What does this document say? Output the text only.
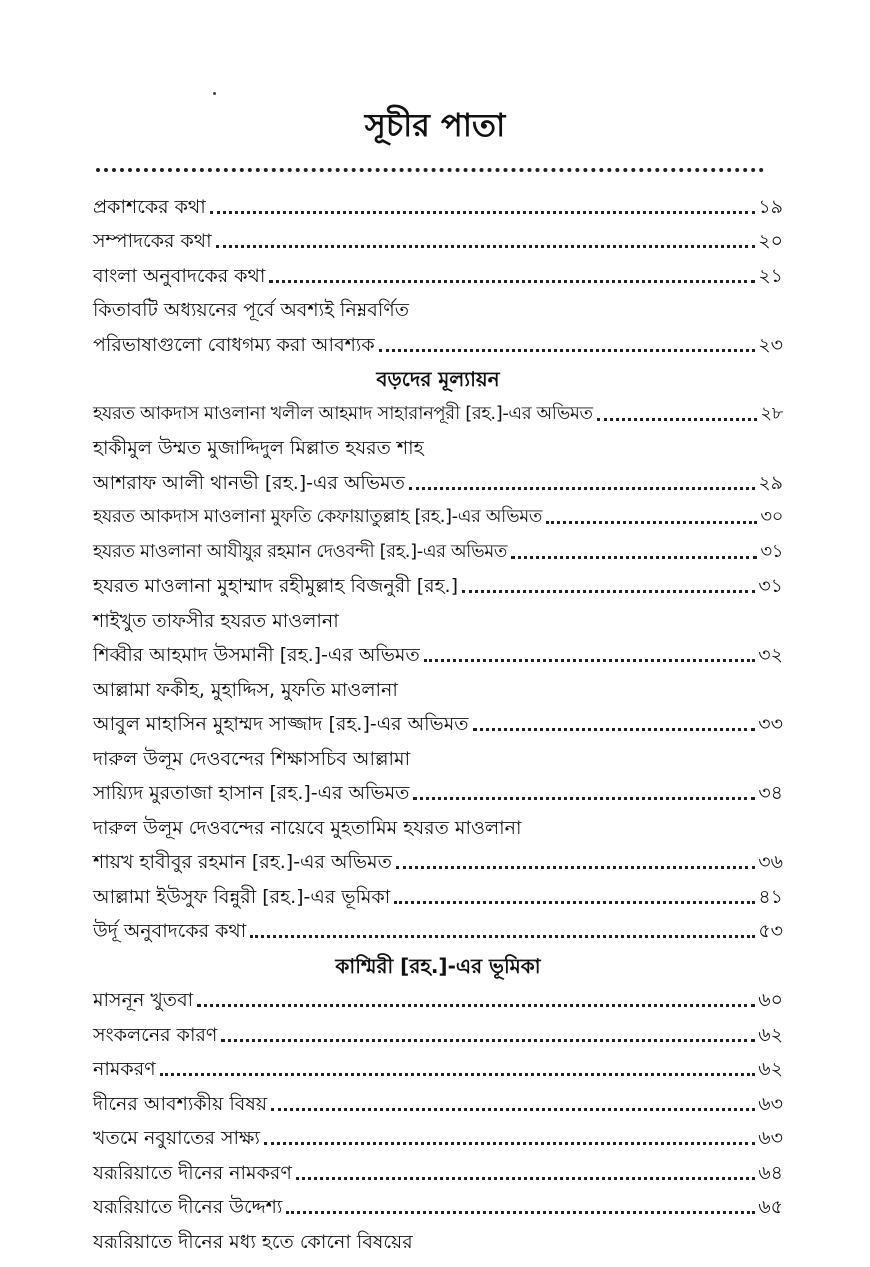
সূচীর পাতা
প্রকাশকের কথা	১৯
সম্পাদকের কথা	২০
বাংলা অনুবাদকের কথা	২১
কিতাবটি অধ্যয়নের পূর্বে অবশ্যই নিম্নবর্ণিত
পরিভাষাগুলো বোধগম্য করা আবশ্যক	২৩
বড়দের মূল্যায়ন
হযরত আকদাস মাওলানা খলীল আহমাদ সাহারানপূরী [রহ.]-এর অভিমত	২৮
হাকীমুল উম্মত মুজাদ্দিদুল মিল্লাত হযরত শাহ
আশরাফ আলী থানভী [রহ.]-এর অভিমত	২৯
হযরত আকদাস মাওলানা মুফতি কেফায়াতুল্লাহ [রহ.]-এর অভিমত	৩০
হযরত মাওলানা আযীযুর রহমান দেওবন্দী [রহ.]-এর অভিমত	৩১
হযরত মাওলানা মুহাম্মাদ রহীমুল্লাহ বিজনুরী [রহ.]	৩১
শাইখুত তাফসীর হযরত মাওলানা
শিব্বীর আহমাদ উসমানী [রহ.]-এর অভিমত	৩২
আল্লামা ফকীহ, মুহাদ্দিস, মুফতি মাওলানা
আবুল মাহাসিন মুহাম্মদ সাজ্জাদ [রহ.]-এর অভিমত	৩৩
দারুল উলূম দেওবন্দের শিক্ষাসচিব আল্লামা
সায়্যিদ মুরতাজা হাসান [রহ.]-এর অভিমত	৩৪
দারুল উলূম দেওবন্দের নায়েবে মুহতামিম হযরত মাওলানা
শায়খ হাবীবুর রহমান [রহ.]-এর অভিমত	৩৬
আল্লামা ইউসুফ বিন্নুরী [রহ.]-এর ভূমিকা	৪১
উর্দূ অনুবাদকের কথা	৫৩
কাশ্মিরী [রহ.]-এর ভূমিকা
মাসনূন খুতবা	৬০
সংকলনের কারণ	৬২
নামকরণ	৬২
দীনের আবশ্যকীয় বিষয়	৬৩
খতমে নবুয়াতের সাক্ষ্য	৬৩
যরূরিয়াতে দীনের নামকরণ	৬৪
যরূরিয়াতে দীনের উদ্দেশ্য	৬৫
যরূরিয়াতে দীনের মধ্য হতে কোনো বিষয়ের
